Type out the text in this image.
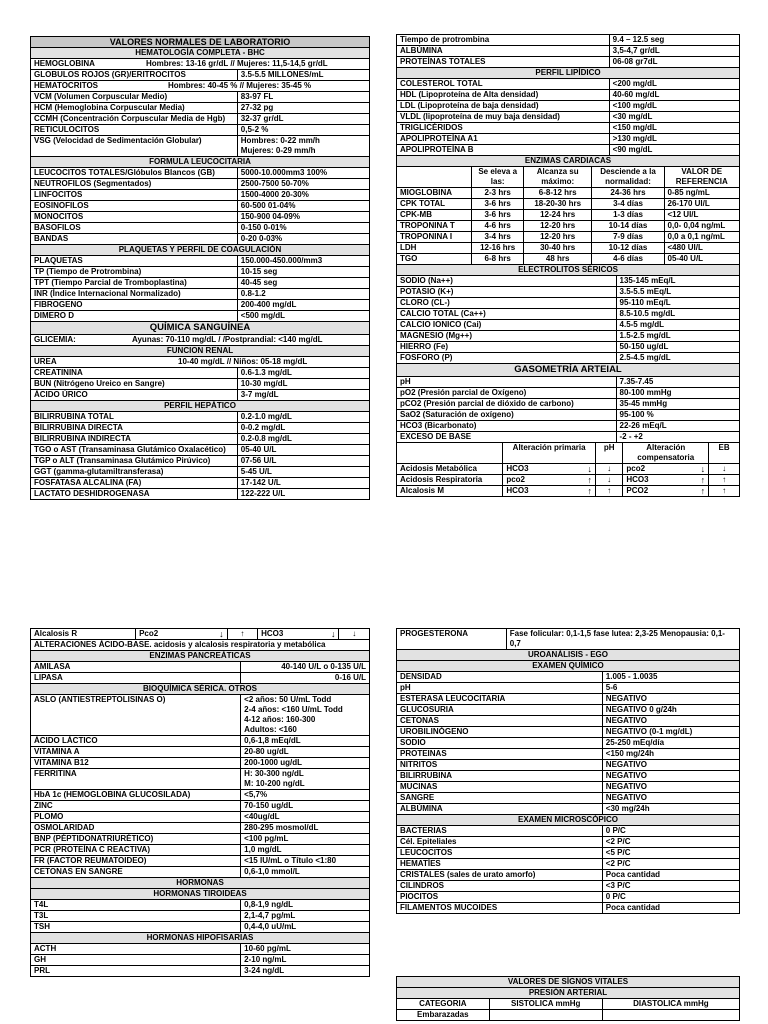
VALORES NORMALES DE LABORATORIO	
HEMATOLOGÍA COMPLETA - BHC	
HEMOGLOBINA Hombres: 13-16 gr/dL // Mujeres: 11,5-14,5 gr/dL	
GLOBULOS ROJOS (GR)/ERITROCITOS	3.5-5.5 MILLONES/mL
HEMATOCRITOS Hombres: 40-45 % // Mujeres: 35-45 %	
VCM (Volumen Corpuscular Medio)	83-97 FL
HCM (Hemoglobina Corpuscular Media)	27-32 pg
CCMH (Concentración Corpuscular Media de Hgb)	32-37 gr/dL
RETICULOCITOS	0,5-2 %
VSG (Velocidad de Sedimentación Globular)	Hombres: 0-22 mm/h
Mujeres: 0-29 mm/h

FORMULA LEUCOCITARIA	
LEUCOCITOS TOTALES/Glóbulos Blancos (GB)	5000-10.000mm3 100%
NEUTROFILOS (Segmentados)	2500-7500 50-70%
LINFOCITOS	1500-4000 20-30%
EOSINOFILOS	60-500 01-04%
MONOCITOS	150-900 04-09%
BASOFILOS	0-150 0-01%
BANDAS	0-20 0-03%
PLAQUETAS Y PERFIL DE COAGULACIÓN	
PLAQUETAS	150.000-450.000/mm3
TP (Tiempo de Protrombina)	10-15 seg
TPT (Tiempo Parcial de Tromboplastina)	40-45 seg
INR (Índice Internacional Normalizado)	0.8-1.2
FIBROGENO	200-400 mg/dL
DIMERO D	<500 mg/dL
QUÍMICA SANGUÍNEA	
GLICEMIA: Ayunas: 70-110 mg/dL / /Postprandial: <140 mg/dL	
FUNCION RENAL	
UREA 10-40 mg/dL // Niños: 05-18 mg/dL	
CREATININA	0.6-1.3 mg/dL
BUN (Nitrógeno Ureico en Sangre)	10-30 mg/dL
ÁCIDO ÚRICO	3-7 mg/dL
PERFIL HEPÁTICO	
BILIRRUBINA TOTAL	0.2-1.0 mg/dL
BILIRRUBINA DIRECTA	0-0.2 mg/dL
BILIRRUBINA INDIRECTA	0.2-0.8 mg/dL
TGO o AST (Transaminasa Glutámico Oxalacético)	05-40 U/L
TGP o ALT (Transaminasa Glutámico Pirúvico)	07-56 U/L
GGT (gamma-glutamiltransferasa)	5-45 U/L
FOSFATASA ALCALINA (FA)	17-142 U/L
LACTATO DESHIDROGENASA	122-222 U/L
Tiempo de protrombina	9.4 – 12.5 seg
ALBÚMINA	3,5-4,7 gr/dL
PROTEÍNAS TOTALES	06-08 gr7dL
PERFIL LIPÍDICO	
COLESTEROL TOTAL	<200 mg/dL
HDL (Lipoproteína de Alta densidad)	40-60 mg/dL
LDL (Lipoproteína de baja densidad)	<100 mg/dL
VLDL (lipoproteína de muy baja densidad)	<30 mg/dL
TRIGLICÉRIDOS	<150 mg/dL
APOLIPROTEÍNA A1	>130 mg/dL
APOLIPROTEÍNA B	<90 mg/dL
ENZIMAS CARDIACAS				
	Se eleva a las:	Alcanza su máximo:	Desciende a la normalidad:	VALOR DE REFERENCIA
MIOGLOBINA	2-3 hrs	6-8-12 hrs	24-36 hrs	0-85 ng/mL
CPK TOTAL	3-6 hrs	18-20-30 hrs	3-4 días	26-170 UI/L
CPK-MB	3-6 hrs	12-24 hrs	1-3 días	<12 UI/L
TROPONINA T	4-6 hrs	12-20 hrs	10-14 días	0,0- 0,04 ng/mL
TROPONINA I	3-4 hrs	12-20 hrs	7-9 días	0,0 a 0,1 ng/mL
LDH	12-16 hrs	30-40 hrs	10-12 días	<480 UI/L
TGO	6-8 hrs	48 hrs	4-6 días	05-40 U/L
ELECTROLITOS SÉRICOS	
SODIO (Na++)	135-145 mEq/L
POTASIO (K+)	3.5-5.5 mEq/L
CLORO (CL-)	95-110 mEq/L
CALCIO TOTAL (Ca++)	8.5-10.5 mg/dL
CALCIO IONICO (Cai)	4.5-5 mg/dL
MAGNESIO (Mg++)	1.5-2.5 mg/dL
HIERRO (Fe)	50-150 ug/dL
FOSFORO (P)	2.5-4.5 mg/dL
GASOMETRÍA ARTEIAL	
pH	7.35-7.45
pO2 (Presión parcial de Oxígeno)	80-100 mmHg
pCO2 (Presión parcial de dióxido de carbono)	35-45 mmHg
SaO2 (Saturación de oxígeno)	95-100 %
HCO3 (Bicarbonato)	22-26 mEq/L
EXCESO DE BASE	-2 - +2
	Alteración primaria	pH	Alteración compensatoria	EB
Acidosis Metabólica	HCO3 ↓	↓	pco2 ↓	↓
Acidosis Respiratoria	pco2 ↑	↓	HCO3 ↑	↑
Alcalosis M	HCO3 ↑	↑	PCO2 ↑	↑
Alcalosis R	Pco2	↓	↑	HCO3	↓	↓
ALTERACIONES ÁCIDO-BASE. acidosis y alcalosis respiratoria y metabólica	
ENZIMAS PANCREÁTICAS	
AMILASA	40-140 U/L o 0-135 U/L
LIPASA	0-16 U/L
BIOQUÍMICA SÉRICA. OTROS	
ASLO (ANTIESTREPTOLISINAS O)	<2 años: 50 U/mL Todd
2-4 años: <160 U/mL Todd
4-12 años: 160-300
Adultos: <160

ÁCIDO LÁCTICO	0,6-1,8 mEq/dL
VITAMINA A	20-80 ug/dL
VITAMINA B12	200-1000 ug/dL
FERRITINA	H: 30-300 ng/dL
M: 10-200 ng/dL

HbA 1c (HEMOGLOBINA GLUCOSILADA)	<5,7%
ZINC	70-150 ug/dL
PLOMO	<40ug/dL
OSMOLARIDAD	280-295 mosmol/dL
BNP (PÉPTIDONATRIURÉTICO)	<100 pg/mL
PCR (PROTEÍNA C REACTIVA)	1,0 mg/dL
FR (FACTOR REUMATOIDEO)	<15 IU/mL o Título <1:80
CETONAS EN SANGRE	0,6-1,0 mmol/L
HORMONAS	
HORMONAS TIROIDEAS	
T4L	0,8-1,9 ng/dL
T3L	2,1-4,7 pg/mL
TSH	0,4-4,0 uU/mL
HORMONAS HIPOFISARIAS	
ACTH	10-60 pg/mL
GH	2-10 ng/mL
PRL	3-24 ng/dL
PROGESTERONA	Fase folicular: 0,1-1,5 fase lutea: 2,3-25 Menopausia: 0,1-0,7
UROANÁLISIS - EGO	
EXAMEN QUÍMICO	
DENSIDAD	1.005 - 1.0035
pH	5-6
ESTERASA LEUCOCITARIA	NEGATIVO
GLUCOSURIA	NEGATIVO 0 g/24h
CETONAS	NEGATIVO
UROBILINÓGENO	NEGATIVO (0-1 mg/dL)
SODIO	25-250 mEq/día
PROTEINAS	<150 mg/24h
NITRITOS	NEGATIVO
BILIRRUBINA	NEGATIVO
MUCINAS	NEGATIVO
SANGRE	NEGATIVO
ALBÚMINA	<30 mg/24h
EXAMEN MICROSCÓPICO	
BACTERIAS	0 P/C
Cél. Epiteliales	<2 P/C
LEUCOCITOS	<5 P/C
HEMATÍES	<2 P/C
CRISTALES (sales de urato amorfo)	Poca cantidad
CILINDROS	<3 P/C
PIOCITOS	0 P/C
FILAMENTOS MUCOIDES	Poca cantidad
VALORES DE SÍGNOS VITALES		
PRESIÓN ARTERIAL		
CATEGORIA	SISTOLICA mmHg	DIASTOLICA mmHg
Embarazadas		
